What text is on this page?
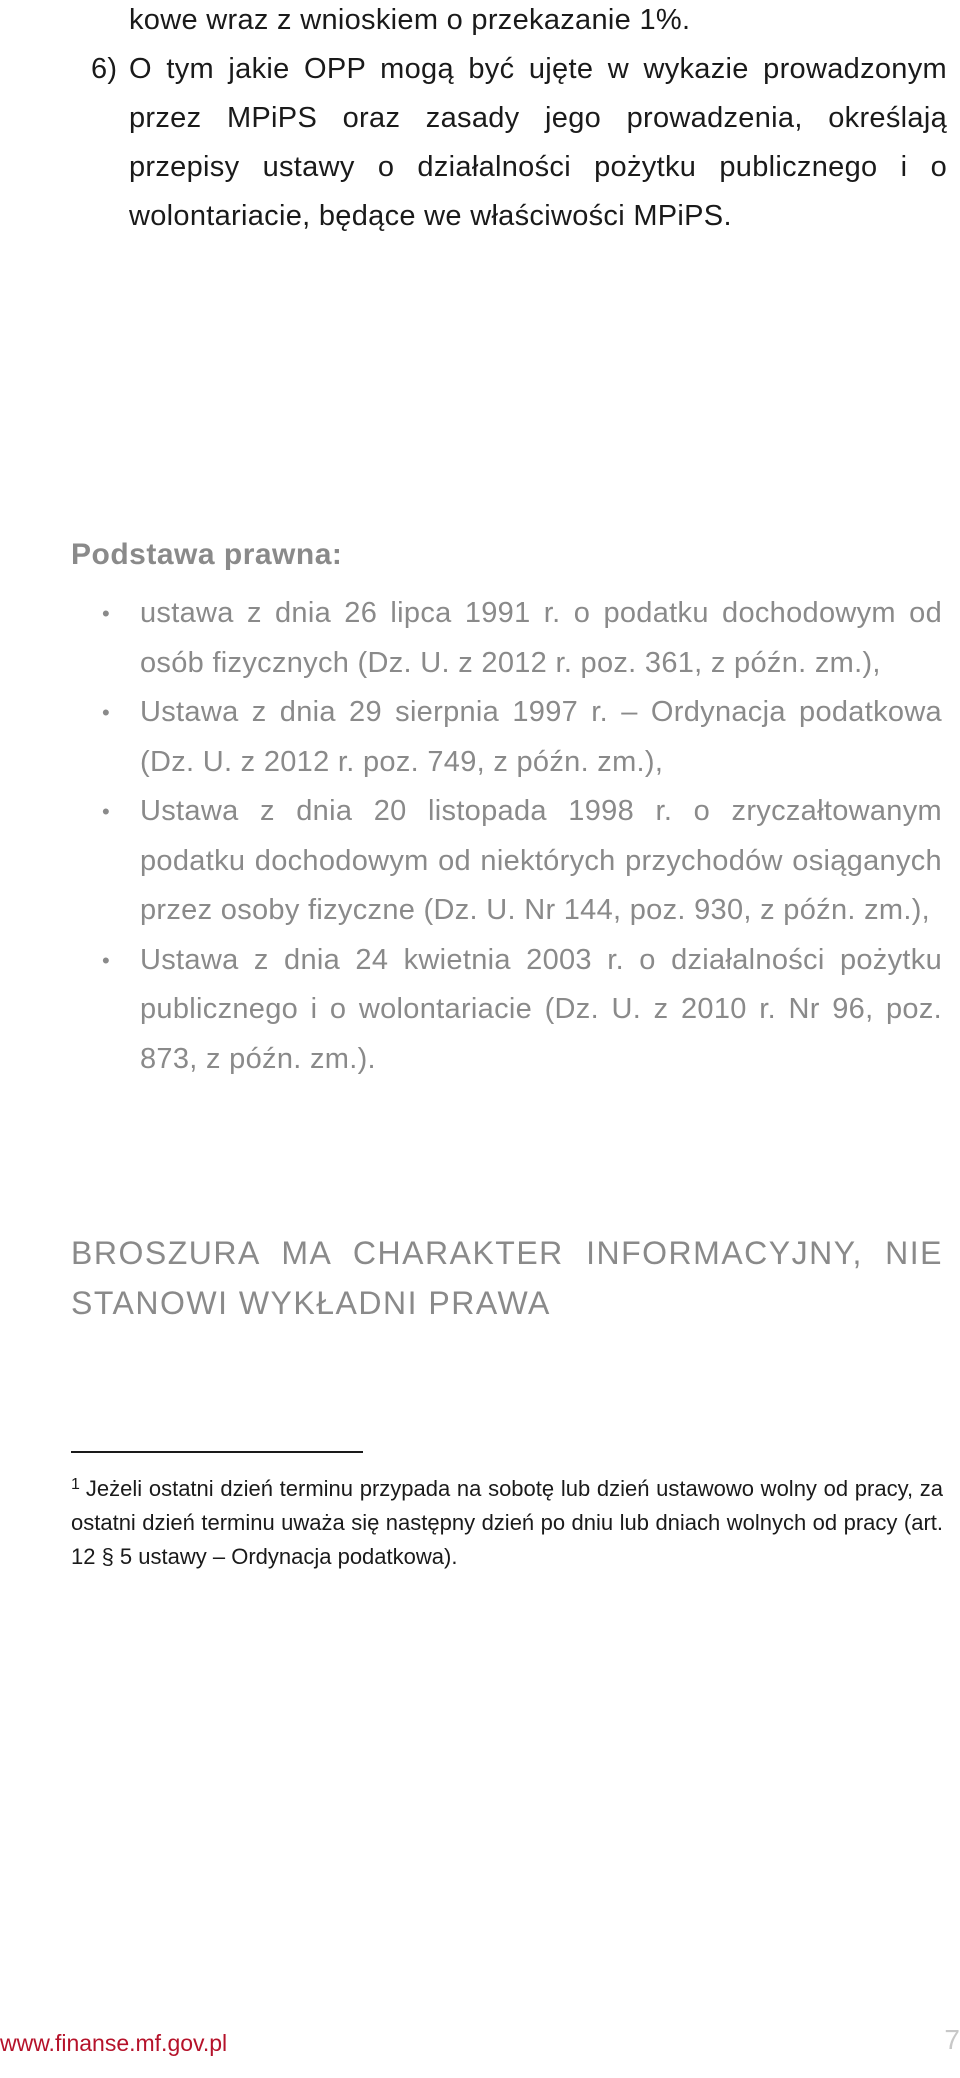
kowe wraz z wnioskiem o przekazanie 1%.
6) O tym jakie OPP mogą być ujęte w wykazie prowadzonym przez MPiPS oraz zasady jego prowadzenia, określają przepisy ustawy o działalności pożytku publicznego i o wolontariacie, będące we właściwości MPiPS.
Podstawa prawna:
• ustawa z dnia 26 lipca 1991 r. o podatku dochodowym od osób fizycznych (Dz. U. z 2012 r. poz. 361, z późn. zm.),
• Ustawa z dnia 29 sierpnia 1997 r. – Ordynacja podatkowa (Dz. U. z 2012 r. poz. 749, z późn. zm.),
• Ustawa z dnia 20 listopada 1998 r. o zryczałtowanym podatku dochodowym od niektórych przychodów osiąganych przez osoby fizyczne (Dz. U. Nr 144, poz. 930, z późn. zm.),
• Ustawa z dnia 24 kwietnia 2003 r. o działalności pożytku publicznego i o wolontariacie (Dz. U. z 2010 r. Nr 96, poz. 873, z późn. zm.).
BROSZURA MA CHARAKTER INFORMACYJNY, NIE STANOWI WYKŁADNI PRAWA
$^1$ Jeżeli ostatni dzień terminu przypada na sobotę lub dzień ustawowo wolny od pracy, za ostatni dzień terminu uważa się następny dzień po dniu lub dniach wolnych od pracy (art. 12 § 5 ustawy – Ordynacja podatkowa).
www.finanse.mf.gov.pl	7
